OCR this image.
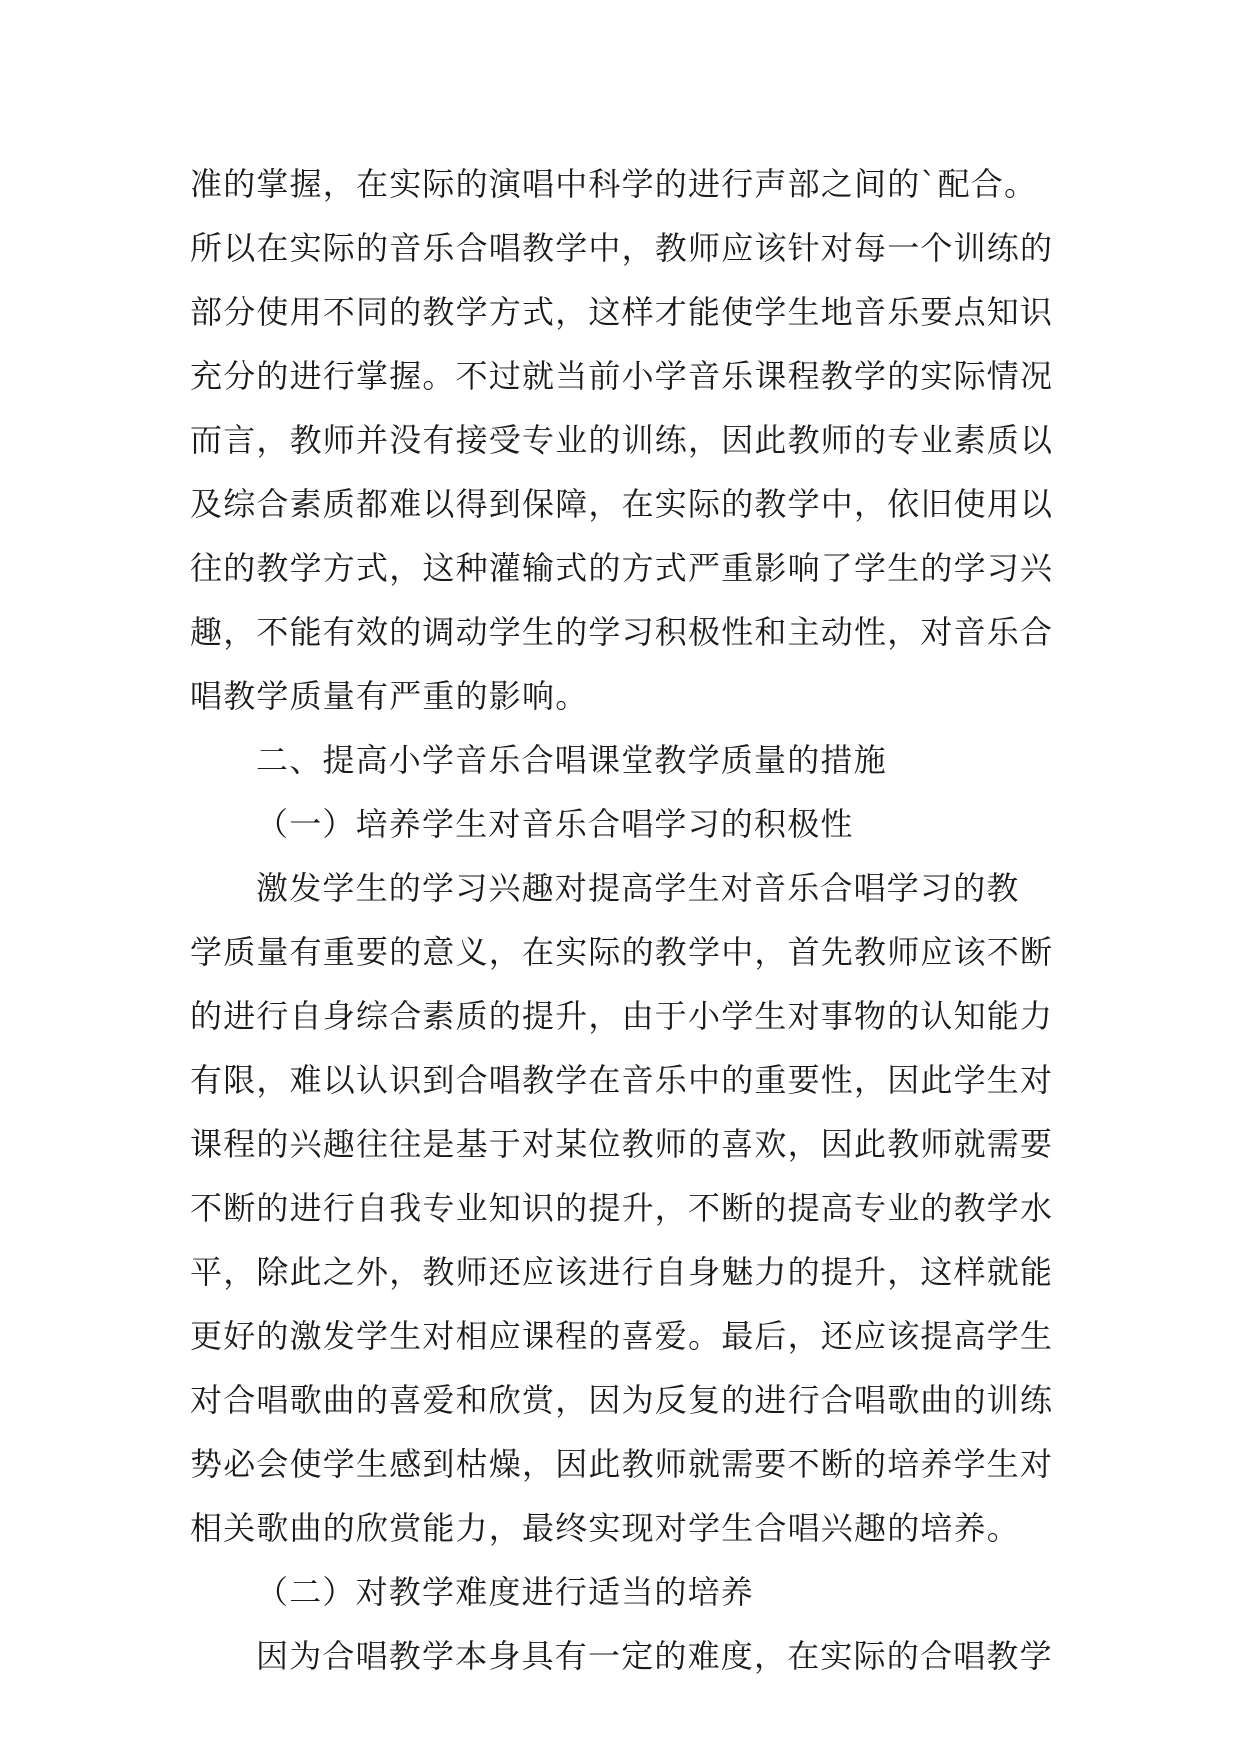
准的掌握，在实际的演唱中科学的进行声部之间的`配合。
所以在实际的音乐合唱教学中，教师应该针对每一个训练的
部分使用不同的教学方式，这样才能使学生地音乐要点知识
充分的进行掌握。不过就当前小学音乐课程教学的实际情况
而言，教师并没有接受专业的训练，因此教师的专业素质以
及综合素质都难以得到保障，在实际的教学中，依旧使用以
往的教学方式，这种灌输式的方式严重影响了学生的学习兴
趣，不能有效的调动学生的学习积极性和主动性，对音乐合
唱教学质量有严重的影响。
二、提高小学音乐合唱课堂教学质量的措施
（一）培养学生对音乐合唱学习的积极性
激发学生的学习兴趣对提高学生对音乐合唱学习的教
学质量有重要的意义，在实际的教学中，首先教师应该不断
的进行自身综合素质的提升，由于小学生对事物的认知能力
有限，难以认识到合唱教学在音乐中的重要性，因此学生对
课程的兴趣往往是基于对某位教师的喜欢，因此教师就需要
不断的进行自我专业知识的提升，不断的提高专业的教学水
平，除此之外，教师还应该进行自身魅力的提升，这样就能
更好的激发学生对相应课程的喜爱。最后，还应该提高学生
对合唱歌曲的喜爱和欣赏，因为反复的进行合唱歌曲的训练
势必会使学生感到枯燥，因此教师就需要不断的培养学生对
相关歌曲的欣赏能力，最终实现对学生合唱兴趣的培养。
（二）对教学难度进行适当的培养
因为合唱教学本身具有一定的难度，在实际的合唱教学
